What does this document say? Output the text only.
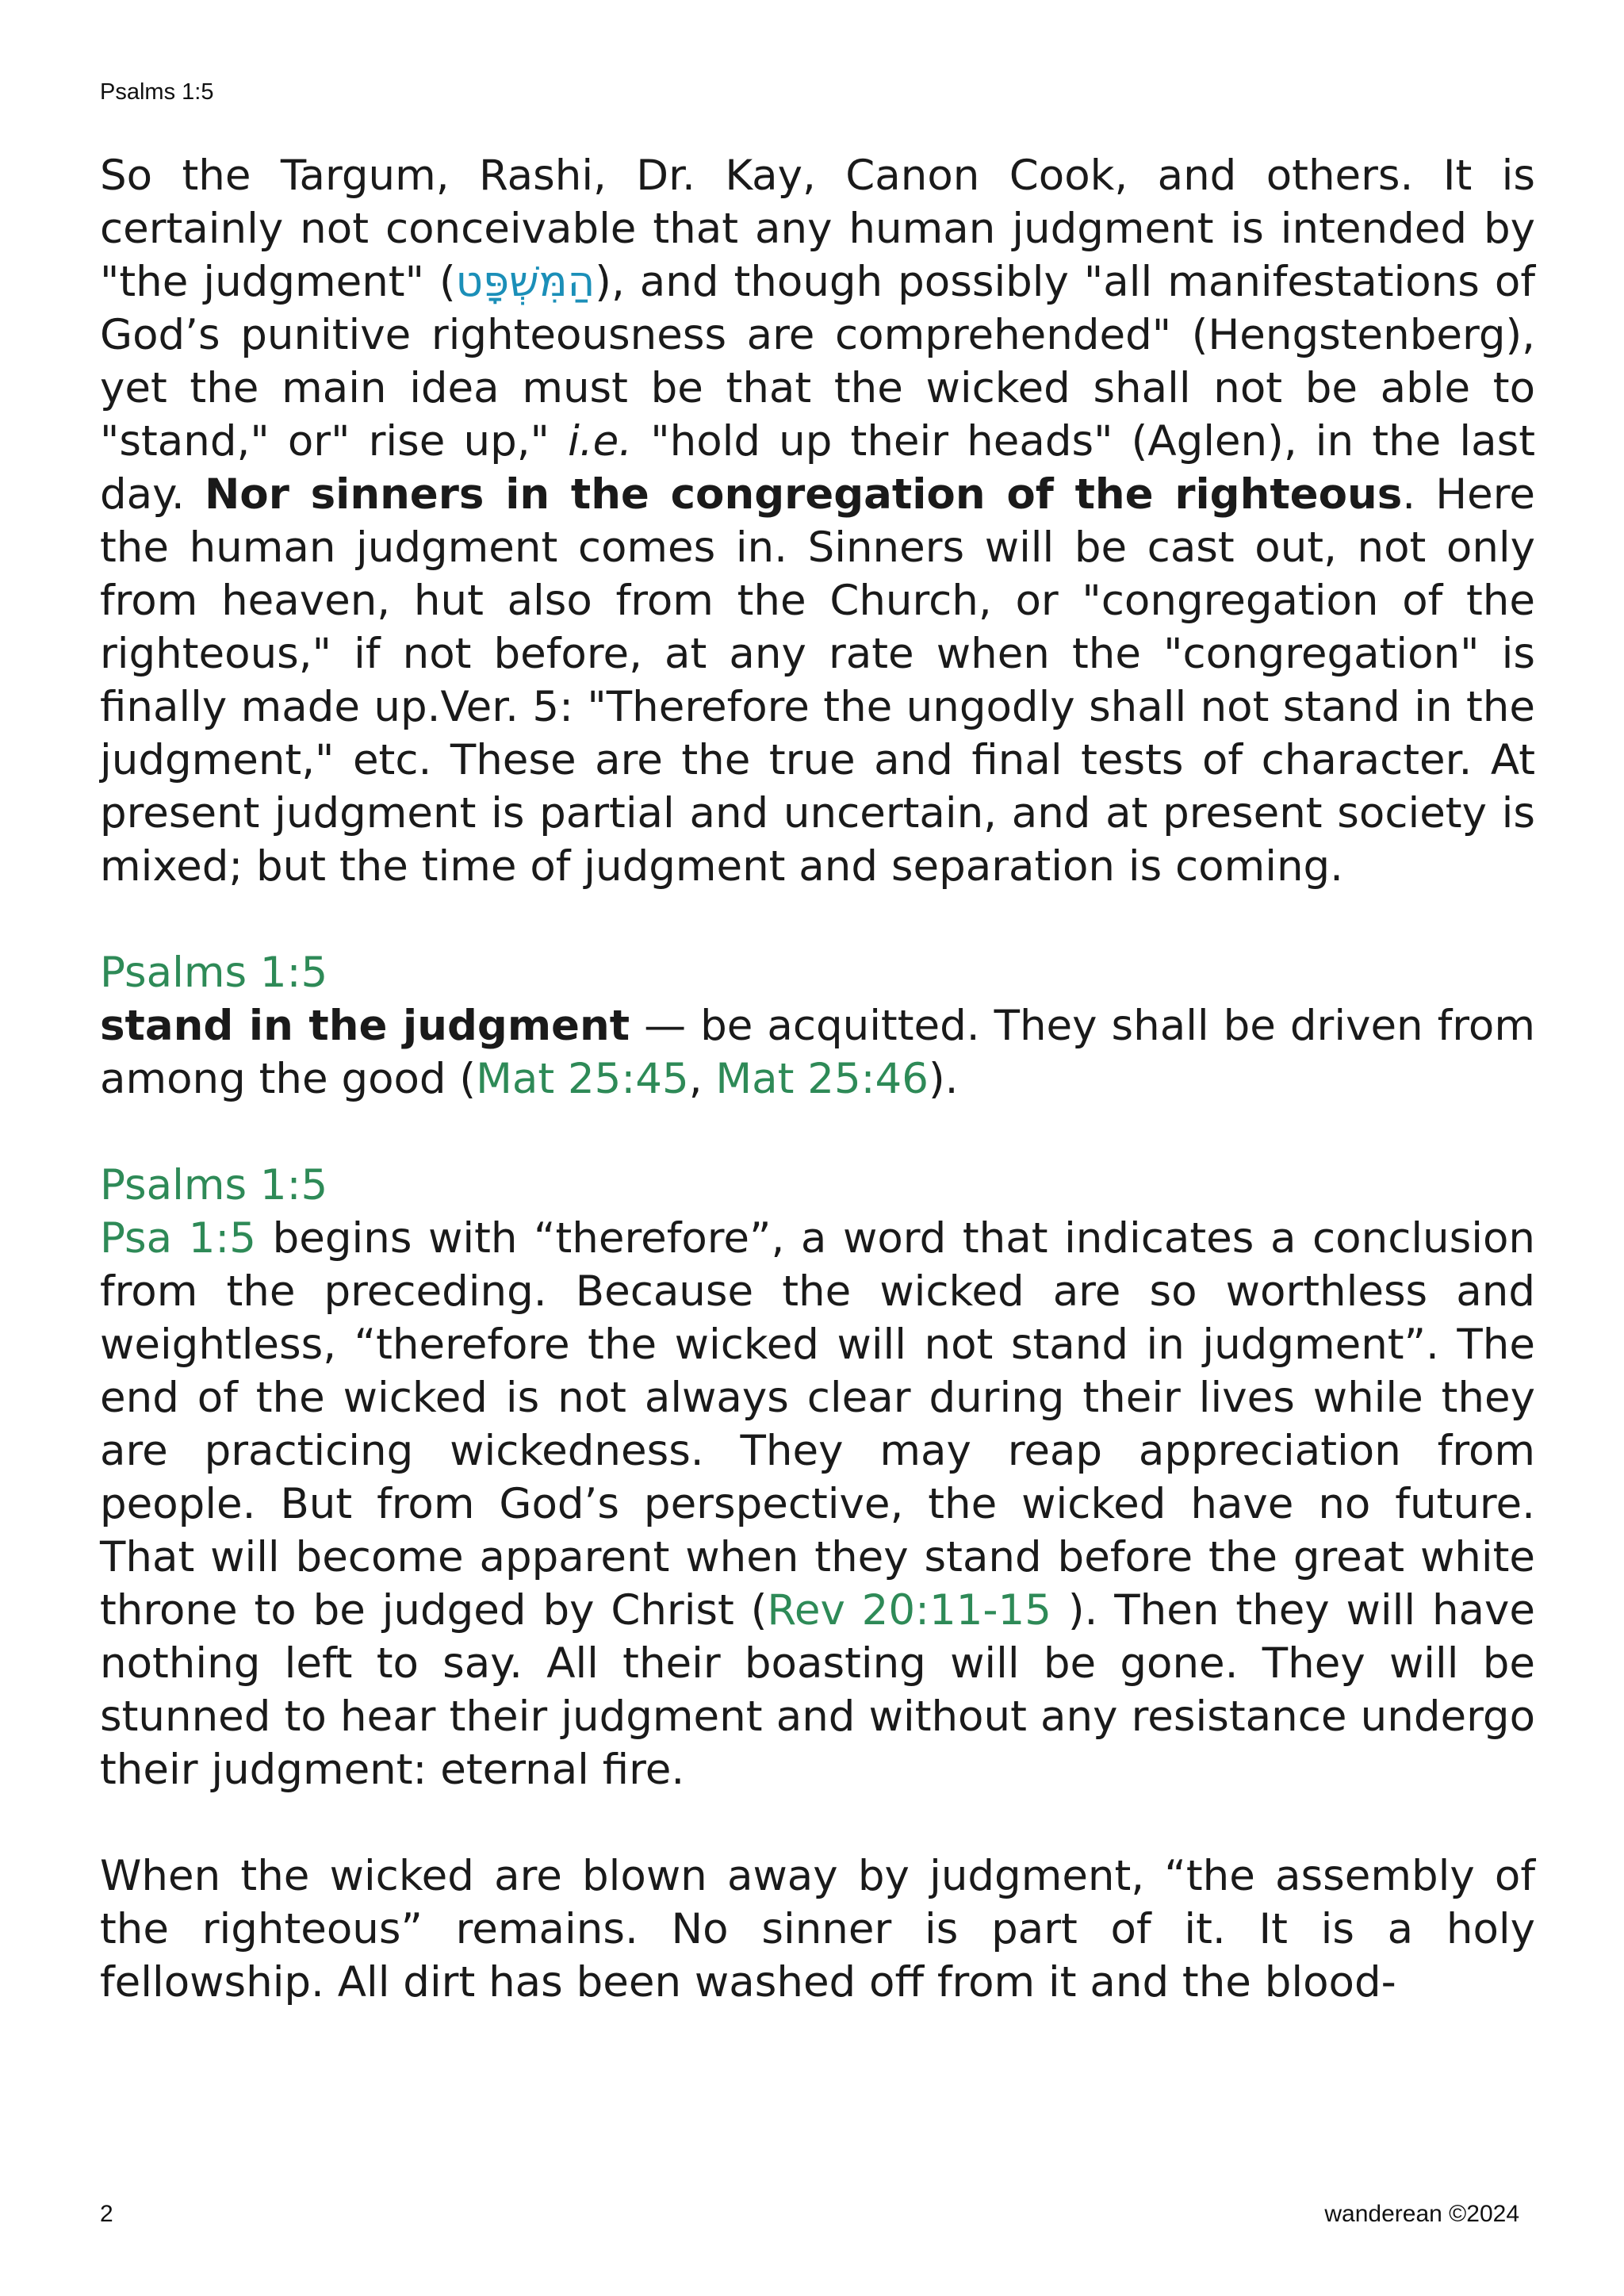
Psalms 1:5

So the Targum, Rashi, Dr. Kay, Canon Cook, and others. It is certainly not conceivable that any human judgment is intended by "the judgment" (הַמִּשְׁפָּט), and though possibly "all manifestations of God’s punitive righteousness are comprehended" (Hengstenberg), yet the main idea must be that the wicked shall not be able to "stand," or" rise up," i.e. "hold up their heads" (Aglen), in the last day. Nor sinners in the congregation of the righteous. Here the human judgment comes in. Sinners will be cast out, not only from heaven, hut also from the Church, or "congregation of the righteous," if not before, at any rate when the "congregation" is finally made up.Ver. 5: "Therefore the ungodly shall not stand in the judgment," etc. These are the true and final tests of character. At present judgment is partial and uncertain, and at present society is mixed; but the time of judgment and separation is coming.

Psalms 1:5

stand in the judgment — be acquitted. They shall be driven from among the good (Mat 25:45, Mat 25:46).

Psalms 1:5

Psa 1:5 begins with “therefore”, a word that indicates a conclusion from the preceding. Because the wicked are so worthless and weightless, “therefore the wicked will not stand in judgment”. The end of the wicked is not always clear during their lives while they are practicing wickedness. They may reap appreciation from people. But from God’s perspective, the wicked have no future. That will become apparent when they stand before the great white throne to be judged by Christ (Rev 20:11-15 ). Then they will have nothing left to say. All their boasting will be gone. They will be stunned to hear their judgment and without any resistance undergo their judgment: eternal fire.

When the wicked are blown away by judgment, “the assembly of the righteous” remains. No sinner is part of it. It is a holy fellowship. All dirt has been washed off from it and the blood-

2	wanderean ©2024
